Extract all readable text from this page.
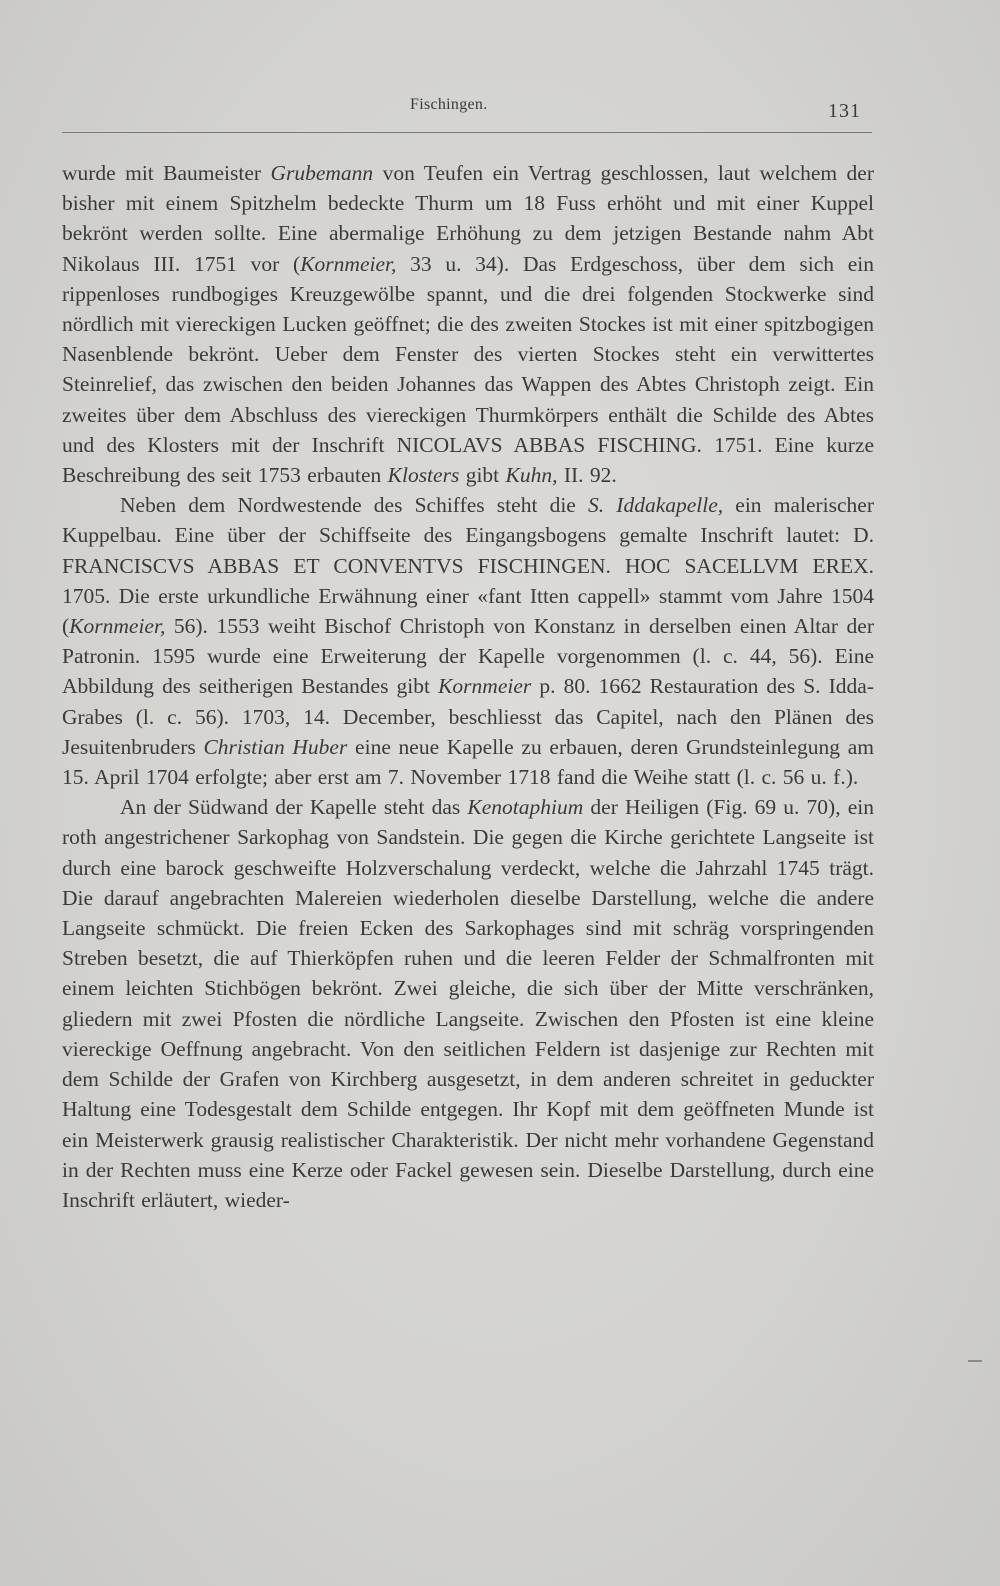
Fischingen.	131

wurde mit Baumeister Grubemann von Teufen ein Vertrag geschlossen, laut welchem der bisher mit einem Spitzhelm bedeckte Thurm um 18 Fuss erhöht und mit einer Kuppel bekrönt werden sollte. Eine abermalige Erhöhung zu dem jetzigen Bestande nahm Abt Nikolaus III. 1751 vor (Kornmeier, 33 u. 34). Das Erdgeschoss, über dem sich ein rippenloses rundbogiges Kreuzgewölbe spannt, und die drei folgenden Stockwerke sind nördlich mit viereckigen Lucken geöffnet; die des zweiten Stockes ist mit einer spitzbogigen Nasenblende bekrönt. Ueber dem Fenster des vierten Stockes steht ein verwittertes Steinrelief, das zwischen den beiden Johannes das Wappen des Abtes Christoph zeigt. Ein zweites über dem Abschluss des viereckigen Thurmkörpers enthält die Schilde des Abtes und des Klosters mit der Inschrift NICOLAVS ABBAS FISCHING. 1751. Eine kurze Beschreibung des seit 1753 erbauten Klosters gibt Kuhn, II. 92.

Neben dem Nordwestende des Schiffes steht die S. Iddakapelle, ein malerischer Kuppelbau. Eine über der Schiffseite des Eingangsbogens gemalte Inschrift lautet: D. FRANCISCVS ABBAS ET CONVENTVS FISCHINGEN. HOC SACELLVM EREX. 1705. Die erste urkundliche Erwähnung einer «fant Itten cappell» stammt vom Jahre 1504 (Kornmeier, 56). 1553 weiht Bischof Christoph von Konstanz in derselben einen Altar der Patronin. 1595 wurde eine Erweiterung der Kapelle vorgenommen (l. c. 44, 56). Eine Abbildung des seitherigen Bestandes gibt Kornmeier p. 80. 1662 Restauration des S. Idda-Grabes (l. c. 56). 1703, 14. December, beschliesst das Capitel, nach den Plänen des Jesuitenbruders Christian Huber eine neue Kapelle zu erbauen, deren Grundsteinlegung am 15. April 1704 erfolgte; aber erst am 7. November 1718 fand die Weihe statt (l. c. 56 u. f.).

An der Südwand der Kapelle steht das Kenotaphium der Heiligen (Fig. 69 u. 70), ein roth angestrichener Sarkophag von Sandstein. Die gegen die Kirche gerichtete Langseite ist durch eine barock geschweifte Holzverschalung verdeckt, welche die Jahrzahl 1745 trägt. Die darauf angebrachten Malereien wiederholen dieselbe Darstellung, welche die andere Langseite schmückt. Die freien Ecken des Sarkophages sind mit schräg vorspringenden Streben besetzt, die auf Thierköpfen ruhen und die leeren Felder der Schmalfronten mit einem leichten Stichbögen bekrönt. Zwei gleiche, die sich über der Mitte verschränken, gliedern mit zwei Pfosten die nördliche Langseite. Zwischen den Pfosten ist eine kleine viereckige Oeffnung angebracht. Von den seitlichen Feldern ist dasjenige zur Rechten mit dem Schilde der Grafen von Kirchberg ausgesetzt, in dem anderen schreitet in geduckter Haltung eine Todesgestalt dem Schilde entgegen. Ihr Kopf mit dem geöffneten Munde ist ein Meisterwerk grausig realistischer Charakteristik. Der nicht mehr vorhandene Gegenstand in der Rechten muss eine Kerze oder Fackel gewesen sein. Dieselbe Darstellung, durch eine Inschrift erläutert, wieder-
